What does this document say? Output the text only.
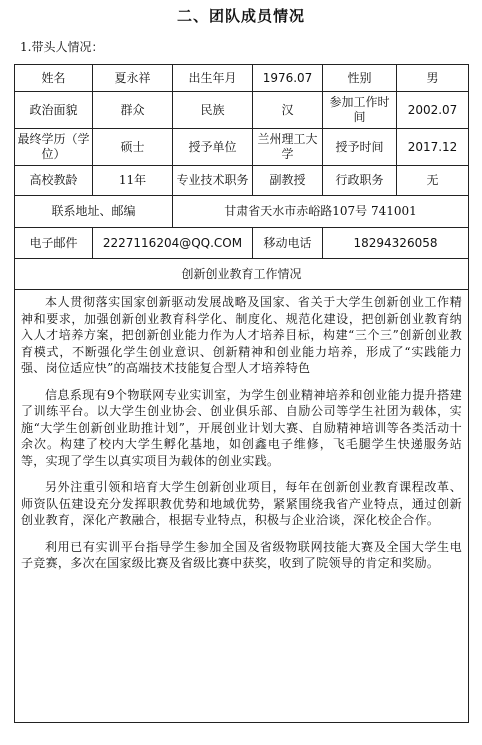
二、团队成员情况
1.带头人情况：
姓名	夏永祥	出生年月	1976.07	性别	男
政治面貌	群众	民族	汉	参加工作时间	2002.07
最终学历（学位）	硕士	授予单位	兰州理工大学	授予时间	2017.12
高校教龄	11年	专业技术职务	副教授	行政职务	无
联系地址、邮编		甘肃省天水市赤峪路107号 741001			
电子邮件	2227116204@QQ.COM		移动电话	18294326058	
创新创业教育工作情况					

本人贯彻落实国家创新驱动发展战略及国家、省关于大学生创新创业工作精神和要求，加强创新创业教育科学化、制度化、规范化建设，把创新创业教育纳入人才培养方案，把创新创业能力作为人才培养目标，构建“三个三”创新创业教育模式，不断强化学生创业意识、创新精神和创业能力培养，形成了“实践能力强、岗位适应快”的高端技术技能复合型人才培养特色

信息系现有9个物联网专业实训室，为学生创业精神培养和创业能力提升搭建了训练平台。以大学生创业协会、创业俱乐部、自励公司等学生社团为载体，实施“大学生创新创业助推计划”，开展创业计划大赛、自励精神培训等各类活动十余次。构建了校内大学生孵化基地，如创鑫电子维修，飞毛腿学生快递服务站等，实现了学生以真实项目为载体的创业实践。

另外注重引领和培育大学生创新创业项目，每年在创新创业教育课程改革、师资队伍建设充分发挥职教优势和地域优势，紧紧围绕我省产业特点，通过创新创业教育，深化产教融合，根据专业特点，积极与企业洽谈，深化校企合作。

利用已有实训平台指导学生参加全国及省级物联网技能大赛及全国大学生电子竞赛，多次在国家级比赛及省级比赛中获奖，收到了院领导的肯定和奖励。					
